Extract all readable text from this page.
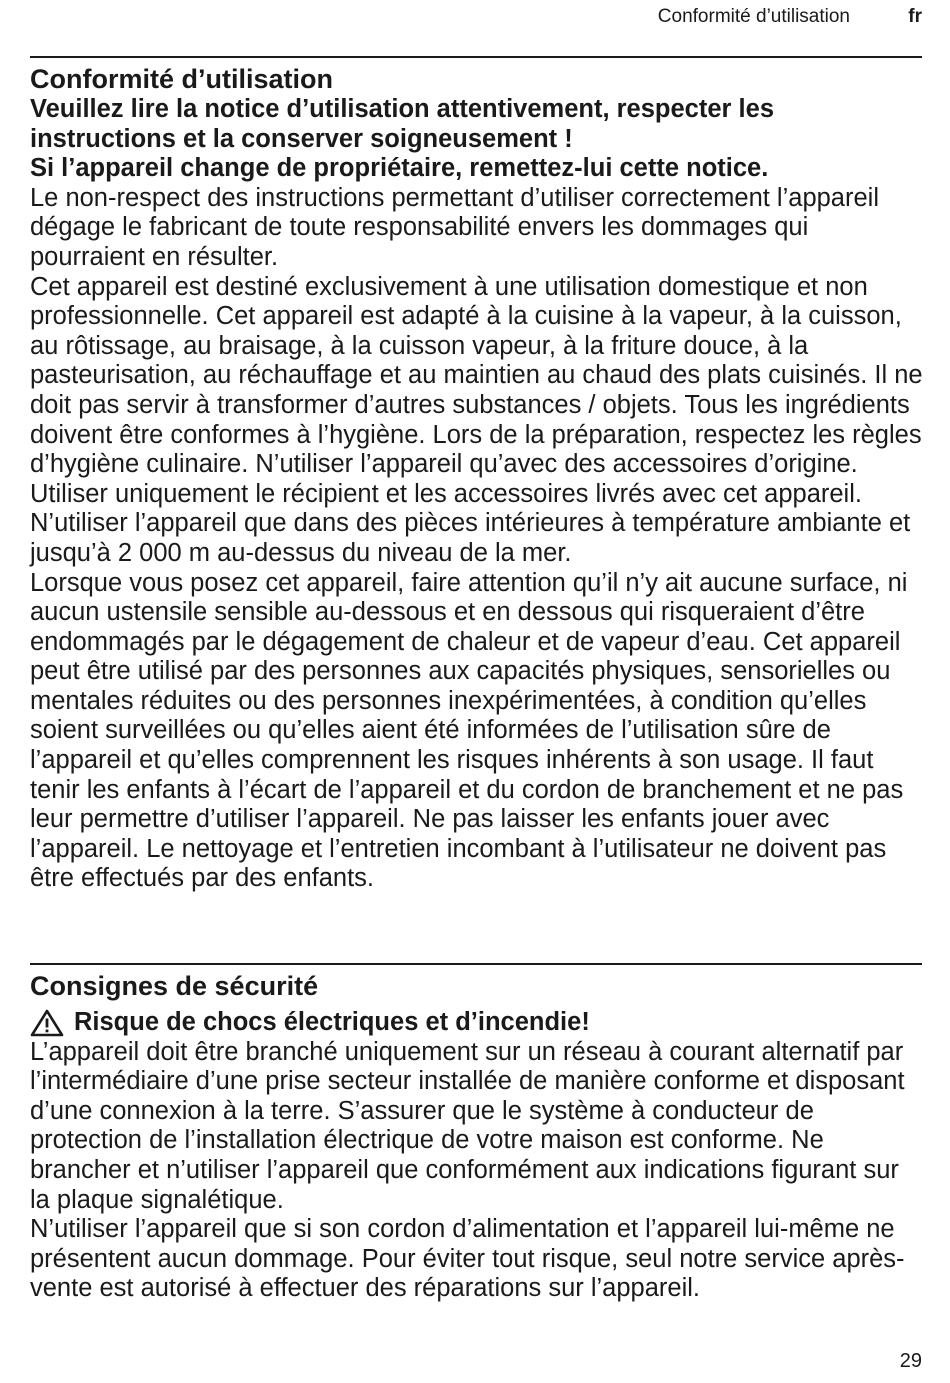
Conformité d’utilisation	fr
Conformité d’utilisation

Veuillez lire la notice d’utilisation attentivement, respecter les instructions et la conserver soigneusement !

Si l’appareil change de propriétaire, remettez-lui cette notice.

Le non-respect des instructions permettant d’utiliser correctement l’appareil dégage le fabricant de toute responsabilité envers les dommages qui pourraient en résulter.

Cet appareil est destiné exclusivement à une utilisation domestique et non professionnelle. Cet appareil est adapté à la cuisine à la vapeur, à la cuisson, au rôtissage, au braisage, à la cuisson vapeur, à la friture douce, à la pasteurisation, au réchauffage et au maintien au chaud des plats cuisinés. Il ne doit pas servir à transformer d’autres substances / objets. Tous les ingrédients doivent être conformes à l’hygiène. Lors de la préparation, respectez les règles d’hygiène culinaire. N’utiliser l’appareil qu’avec des accessoires d’origine. Utiliser uniquement le récipient et les accessoires livrés avec cet appareil.

N’utiliser l’appareil que dans des pièces intérieures à température ambiante et jusqu’à 2 000 m au-dessus du niveau de la mer.

Lorsque vous posez cet appareil, faire attention qu’il n’y ait aucune surface, ni aucun ustensile sensible au-dessous et en dessous qui risqueraient d’être endommagés par le dégagement de chaleur et de vapeur d’eau. Cet appareil peut être utilisé par des personnes aux capacités physiques, sensorielles ou mentales réduites ou des personnes inexpérimentées, à condition qu’elles soient surveillées ou qu’elles aient été informées de l’utilisation sûre de l’appareil et qu’elles comprennent les risques inhérents à son usage. Il faut tenir les enfants à l’écart de l’appareil et du cordon de branchement et ne pas leur permettre d’utiliser l’appareil. Ne pas laisser les enfants jouer avec l’appareil. Le nettoyage et l’entretien incombant à l’utilisateur ne doivent pas être effectués par des enfants.

Consignes de sécurité

Risque de chocs électriques et d’incendie!

L’appareil doit être branché uniquement sur un réseau à courant alternatif par l’intermédiaire d’une prise secteur installée de manière conforme et disposant d’une connexion à la terre. S’assurer que le système à conducteur de protection de l’installation électrique de votre maison est conforme. Ne brancher et n’utiliser l’appareil que conformément aux indications figurant sur la plaque signalétique.

N’utiliser l’appareil que si son cordon d’alimentation et l’appareil lui-même ne présentent aucun dommage. Pour éviter tout risque, seul notre service après-vente est autorisé à effectuer des réparations sur l’appareil.

29
